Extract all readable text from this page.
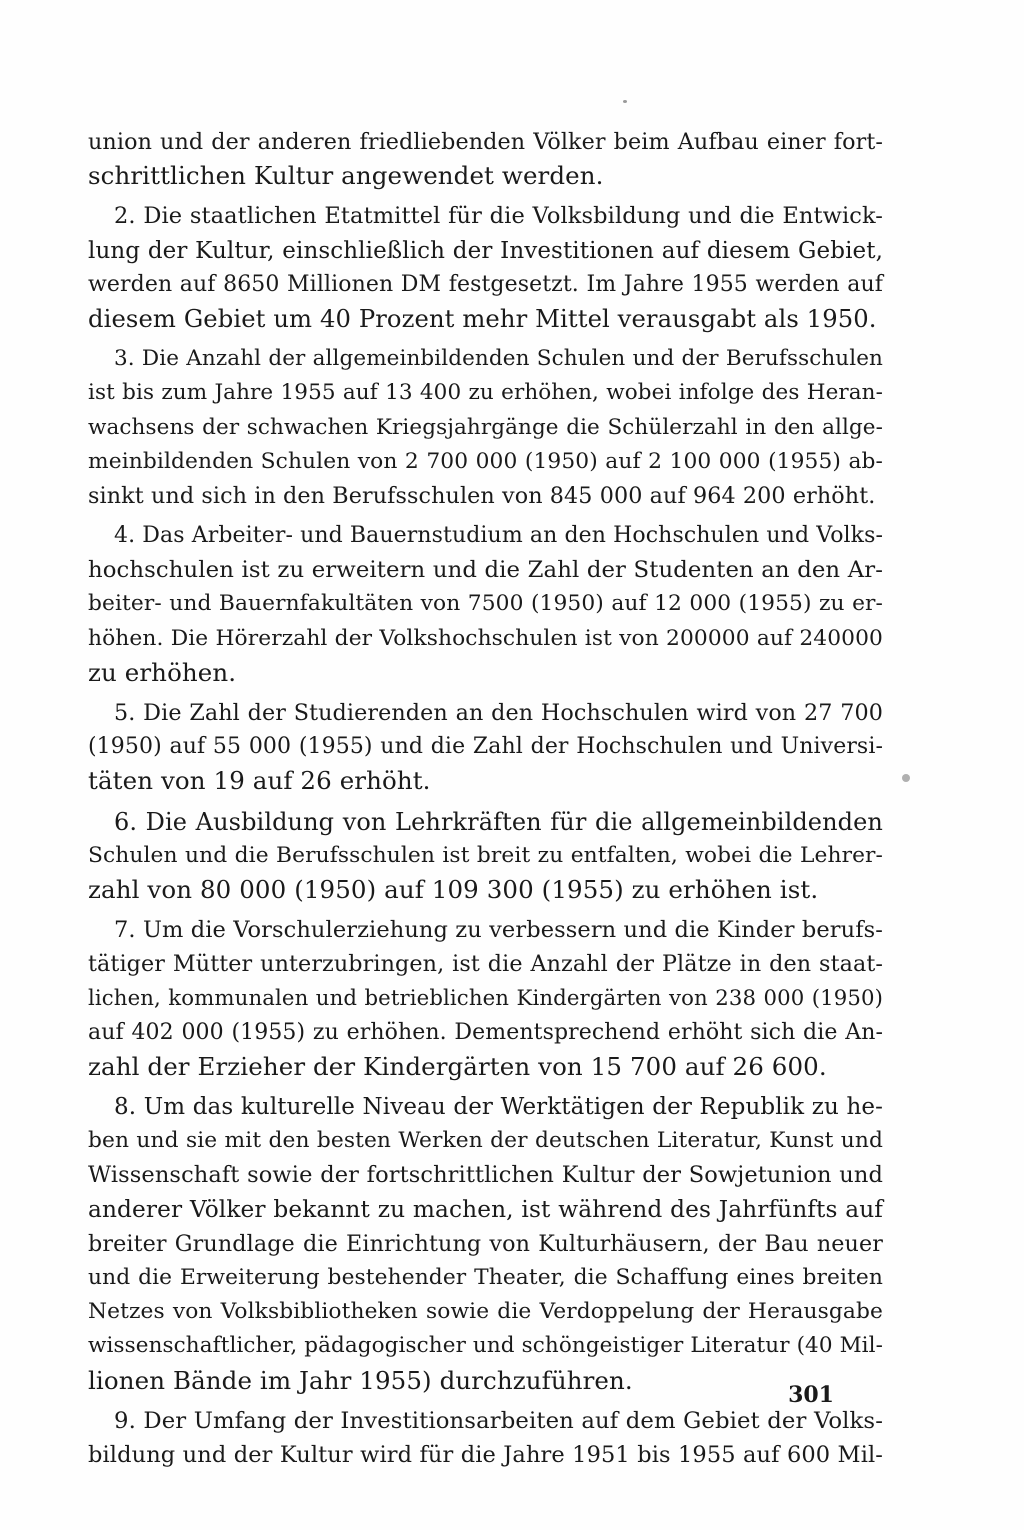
union und der anderen friedliebenden Völker beim Aufbau einer fort-
schrittlichen Kultur angewendet werden.
2. Die staatlichen Etatmittel für die Volksbildung und die Entwick-
lung der Kultur, einschließlich der Investitionen auf diesem Gebiet,
werden auf 8650 Millionen DM festgesetzt. Im Jahre 1955 werden auf
diesem Gebiet um 40 Prozent mehr Mittel verausgabt als 1950.
3. Die Anzahl der allgemeinbildenden Schulen und der Berufsschulen
ist bis zum Jahre 1955 auf 13 400 zu erhöhen, wobei infolge des Heran-
wachsens der schwachen Kriegsjahrgänge die Schülerzahl in den allge-
meinbildenden Schulen von 2 700 000 (1950) auf 2 100 000 (1955) ab-
sinkt und sich in den Berufsschulen von 845 000 auf 964 200 erhöht.
4. Das Arbeiter- und Bauernstudium an den Hochschulen und Volks-
hochschulen ist zu erweitern und die Zahl der Studenten an den Ar-
beiter- und Bauernfakultäten von 7500 (1950) auf 12 000 (1955) zu er-
höhen. Die Hörerzahl der Volkshochschulen ist von 200000 auf 240000
zu erhöhen.
5. Die Zahl der Studierenden an den Hochschulen wird von 27 700
(1950) auf 55 000 (1955) und die Zahl der Hochschulen und Universi-
täten von 19 auf 26 erhöht.
6. Die Ausbildung von Lehrkräften für die allgemeinbildenden
Schulen und die Berufsschulen ist breit zu entfalten, wobei die Lehrer-
zahl von 80 000 (1950) auf 109 300 (1955) zu erhöhen ist.
7. Um die Vorschulerziehung zu verbessern und die Kinder berufs-
tätiger Mütter unterzubringen, ist die Anzahl der Plätze in den staat-
lichen, kommunalen und betrieblichen Kindergärten von 238 000 (1950)
auf 402 000 (1955) zu erhöhen. Dementsprechend erhöht sich die An-
zahl der Erzieher der Kindergärten von 15 700 auf 26 600.
8. Um das kulturelle Niveau der Werktätigen der Republik zu he-
ben und sie mit den besten Werken der deutschen Literatur, Kunst und
Wissenschaft sowie der fortschrittlichen Kultur der Sowjetunion und
anderer Völker bekannt zu machen, ist während des Jahrfünfts auf
breiter Grundlage die Einrichtung von Kulturhäusern, der Bau neuer
und die Erweiterung bestehender Theater, die Schaffung eines breiten
Netzes von Volksbibliotheken sowie die Verdoppelung der Herausgabe
wissenschaftlicher, pädagogischer und schöngeistiger Literatur (40 Mil-
lionen Bände im Jahr 1955) durchzuführen.
9. Der Umfang der Investitionsarbeiten auf dem Gebiet der Volks-
bildung und der Kultur wird für die Jahre 1951 bis 1955 auf 600 Mil-
301
